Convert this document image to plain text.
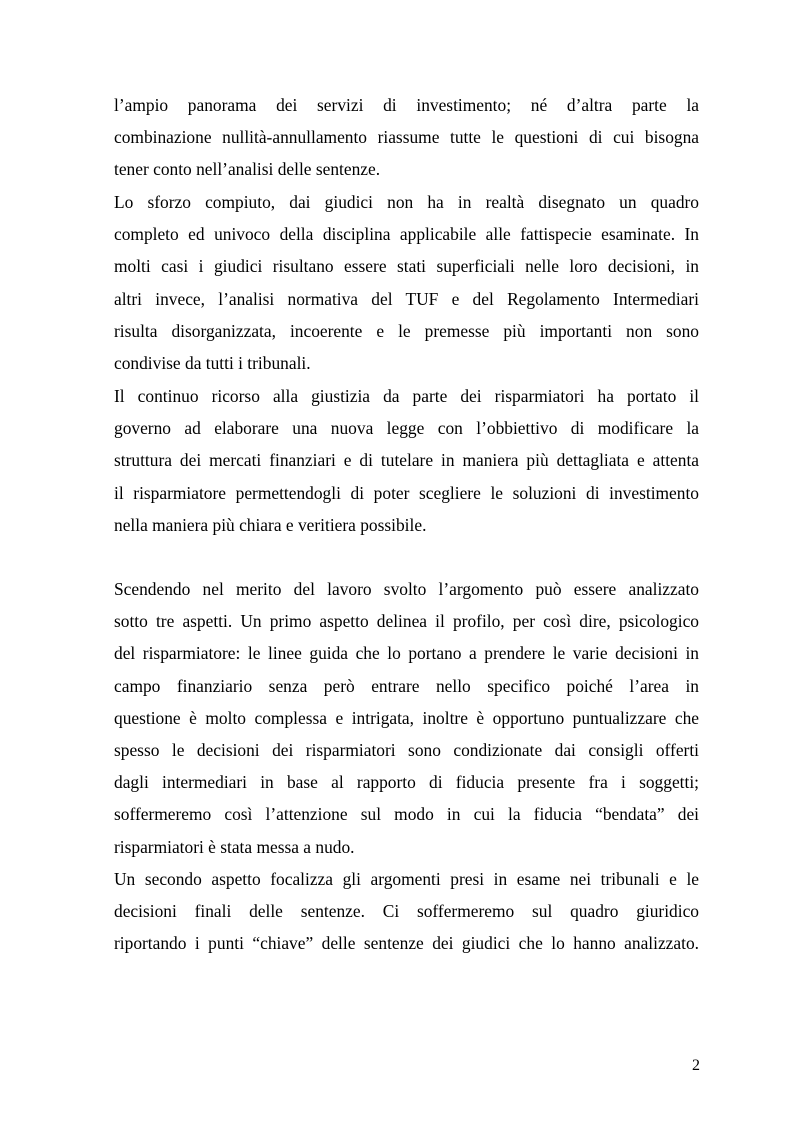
l’ampio panorama dei servizi di investimento; né d’altra parte la
combinazione nullità-annullamento riassume tutte le questioni di cui bisogna
tener conto nell’analisi delle sentenze.
Lo sforzo compiuto, dai giudici non ha in realtà disegnato un quadro
completo ed univoco della disciplina applicabile alle fattispecie esaminate. In
molti casi i giudici risultano essere stati superficiali nelle loro decisioni, in
altri invece, l’analisi normativa del TUF e del Regolamento Intermediari
risulta disorganizzata, incoerente e le premesse più importanti non sono
condivise da tutti i tribunali.
Il continuo ricorso alla giustizia da parte dei risparmiatori ha portato il
governo ad elaborare una nuova legge con l’obbiettivo di modificare la
struttura dei mercati finanziari e di tutelare in maniera più dettagliata e attenta
il risparmiatore permettendogli di poter scegliere le soluzioni di investimento
nella maniera più chiara e veritiera possibile.
Scendendo nel merito del lavoro svolto l’argomento può essere analizzato
sotto tre aspetti. Un primo aspetto delinea il profilo, per così dire, psicologico
del risparmiatore: le linee guida che lo portano a prendere le varie decisioni in
campo finanziario senza però entrare nello specifico poiché l’area in
questione è molto complessa e intrigata, inoltre è opportuno puntualizzare che
spesso le decisioni dei risparmiatori sono condizionate dai consigli offerti
dagli intermediari in base al rapporto di fiducia presente fra i soggetti;
soffermeremo così l’attenzione sul modo in cui la fiducia “bendata” dei
risparmiatori è stata messa a nudo.
Un secondo aspetto focalizza gli argomenti presi in esame nei tribunali e le
decisioni finali delle sentenze. Ci soffermeremo sul quadro giuridico
riportando i punti “chiave” delle sentenze dei giudici che lo hanno analizzato.
2
